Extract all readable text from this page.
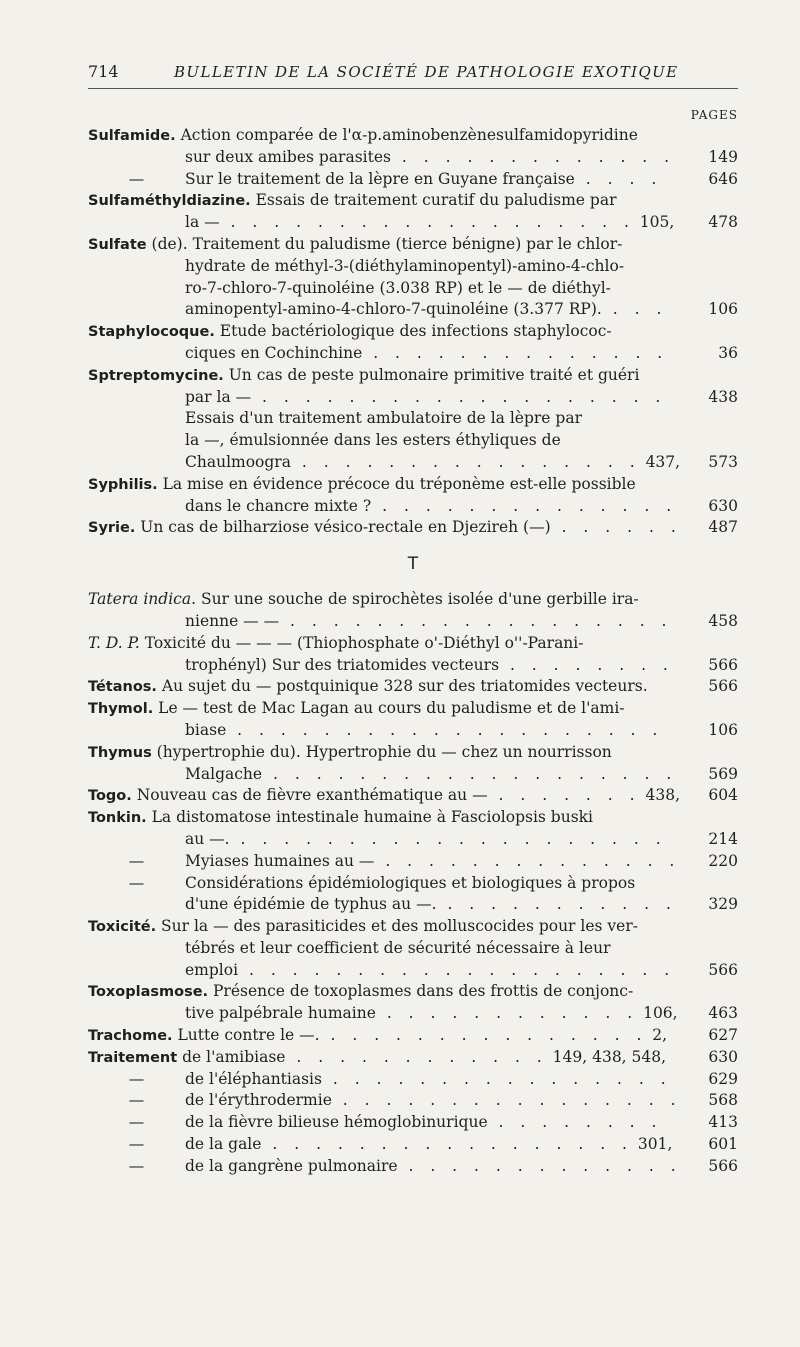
714	BULLETIN DE LA SOCIÉTÉ DE PATHOLOGIE EXOTIQUE
PAGES
Sulfamide. Action comparée de l'α-p.aminobenzènesulfamidopyridine
sur deux amibes parasites . . . . . . . . . . . . .	149
—	Sur le traitement de la lèpre en Guyane française . . . .	646
Sulfaméthyldiazine. Essais de traitement curatif du paludisme par
la — . . . . . . . . . . . . . . . . . . . 105,	478
Sulfate (de). Traitement du paludisme (tierce bénigne) par le chlor-
hydrate de méthyl-3-(diéthylaminopentyl)-amino-4-chlo-
ro-7-chloro-7-quinoléine (3.038 RP) et le — de diéthyl-
aminopentyl-amino-4-chloro-7-quinoléine (3.377 RP). . . .	106
Staphylocoque. Etude bactériologique des infections staphylococ-
ciques en Cochinchine . . . . . . . . . . . . . .	36
Sptreptomycine. Un cas de peste pulmonaire primitive traité et guéri
par la — . . . . . . . . . . . . . . . . . . .	438
Essais d'un traitement ambulatoire de la lèpre par
la —, émulsionnée dans les esters éthyliques de
Chaulmoogra . . . . . . . . . . . . . . . . 437,	573
Syphilis. La mise en évidence précoce du tréponème est-elle possible
dans le chancre mixte ? . . . . . . . . . . . . . .	630
Syrie. Un cas de bilharziose vésico-rectale en Djezireh (—) . . . . . .	487
T
Tatera indica. Sur une souche de spirochètes isolée d'une gerbille ira-
nienne — — . . . . . . . . . . . . . . . . . .	458
T. D. P. Toxicité du — — — (Thiophosphate o'-Diéthyl o''-Parani-
trophényl) Sur des triatomides vecteurs . . . . . . . .	566
Tétanos. Au sujet du — postquinique 328 sur des triatomides vecteurs.	566
Thymol. Le — test de Mac Lagan au cours du paludisme et de l'ami-
biase . . . . . . . . . . . . . . . . . . . .	106
Thymus (hypertrophie du). Hypertrophie du — chez un nourrisson
Malgache . . . . . . . . . . . . . . . . . . .	569
Togo. Nouveau cas de fièvre exanthématique au — . . . . . . . 438,	604
Tonkin. La distomatose intestinale humaine à Fasciolopsis buski
au —. . . . . . . . . . . . . . . . . . . . .	214
—	Myiases humaines au — . . . . . . . . . . . . . .	220
—	Considérations épidémiologiques et biologiques à propos
d'une épidémie de typhus au —. . . . . . . . . . . .	329
Toxicité. Sur la — des parasiticides et des molluscocides pour les ver-
tébrés et leur coefficient de sécurité nécessaire à leur
emploi . . . . . . . . . . . . . . . . . . . .	566
Toxoplasmose. Présence de toxoplasmes dans des frottis de conjonc-
tive palpébrale humaine . . . . . . . . . . . . 106,	463
Trachome. Lutte contre le —. . . . . . . . . . . . . . . . 2,	627
Traitement de l'amibiase . . . . . . . . . . . . 149, 438, 548,	630
—	de l'éléphantiasis . . . . . . . . . . . . . . . .	629
—	de l'érythrodermie . . . . . . . . . . . . . . . .	568
—	de la fièvre bilieuse hémoglobinurique . . . . . . . .	413
—	de la gale . . . . . . . . . . . . . . . . . 301,	601
—	de la gangrène pulmonaire . . . . . . . . . . . . .	566
